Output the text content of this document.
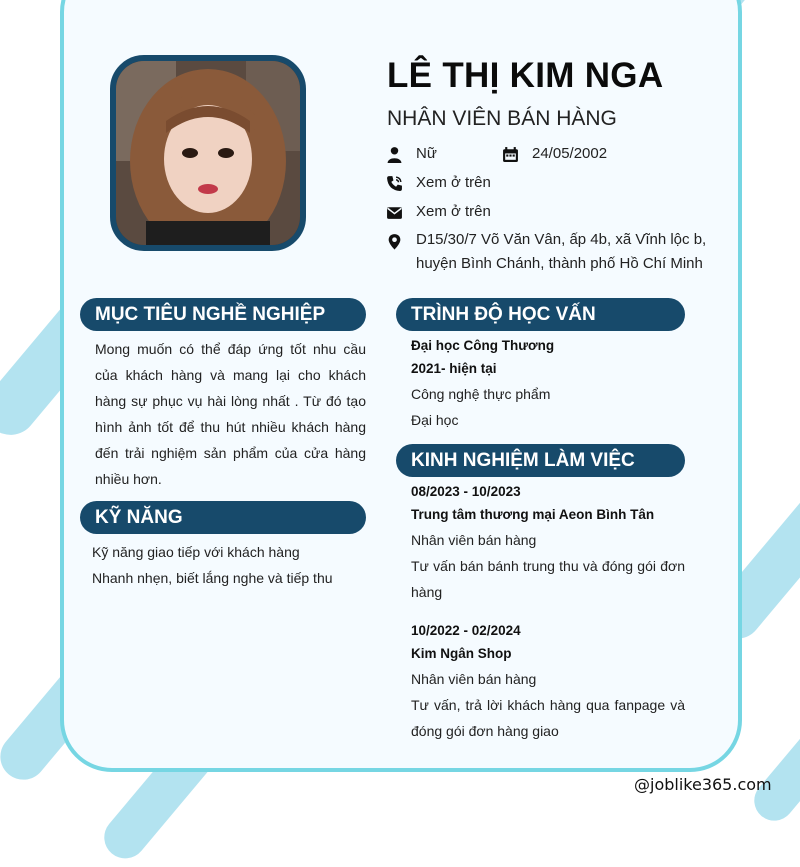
LÊ THỊ KIM NGA
NHÂN VIÊN BÁN HÀNG
Nữ	24/05/2002
Xem ở trên
Xem ở trên
D15/30/7 Võ Văn Vân, ấp 4b, xã Vĩnh lộc b,
huyện Bình Chánh, thành phố Hồ Chí Minh
MỤC TIÊU NGHỀ NGHIỆP

Mong muốn có thể đáp ứng tốt nhu cầu của khách hàng và mang lại cho khách hàng sự phục vụ hài lòng nhất . Từ đó tạo hình ảnh tốt để thu hút nhiều khách hàng đến trải nghiệm sản phẩm của cửa hàng nhiều hơn.

KỸ NĂNG
Kỹ năng giao tiếp với khách hàng
Nhanh nhẹn, biết lắng nghe và tiếp thu
TRÌNH ĐỘ HỌC VẤN
Đại học Công Thương
2021- hiện tại
Công nghệ thực phẩm
Đại học
KINH NGHIỆM LÀM VIỆC
08/2023 - 10/2023
Trung tâm thương mại Aeon Bình Tân
Nhân viên bán hàng
Tư vấn bán bánh trung thu và đóng gói đơn
hàng
10/2022 - 02/2024
Kim Ngân Shop
Nhân viên bán hàng
Tư vấn, trả lời khách hàng qua fanpage và
đóng gói đơn hàng giao
@joblike365.com
